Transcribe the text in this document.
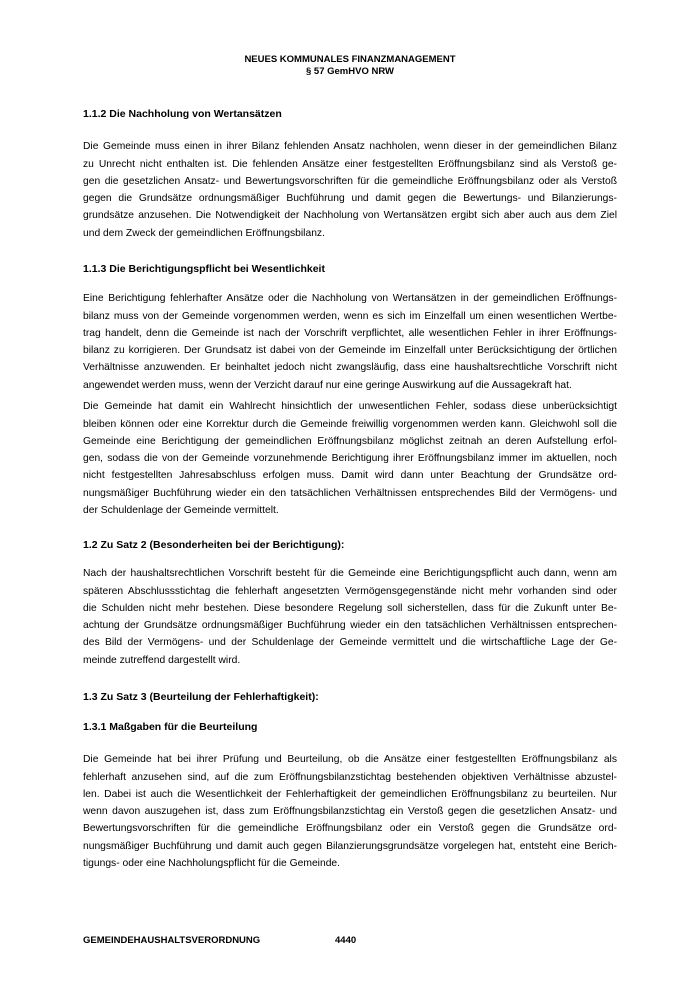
NEUES KOMMUNALES FINANZMANAGEMENT
§ 57 GemHVO NRW
1.1.2 Die Nachholung von Wertansätzen

Die Gemeinde muss einen in ihrer Bilanz fehlenden Ansatz nachholen, wenn dieser in der gemeindlichen Bilanz
zu Unrecht nicht enthalten ist. Die fehlenden Ansätze einer festgestellten Eröffnungsbilanz sind als Verstoß ge-
gen die gesetzlichen Ansatz- und Bewertungsvorschriften für die gemeindliche Eröffnungsbilanz oder als Verstoß
gegen die Grundsätze ordnungsmäßiger Buchführung und damit gegen die Bewertungs- und Bilanzierungs-
grundsätze anzusehen. Die Notwendigkeit der Nachholung von Wertansätzen ergibt sich aber auch aus dem Ziel
und dem Zweck der gemeindlichen Eröffnungsbilanz.

1.1.3 Die Berichtigungspflicht bei Wesentlichkeit

Eine Berichtigung fehlerhafter Ansätze oder die Nachholung von Wertansätzen in der gemeindlichen Eröffnungs-
bilanz muss von der Gemeinde vorgenommen werden, wenn es sich im Einzelfall um einen wesentlichen Wertbe-
trag handelt, denn die Gemeinde ist nach der Vorschrift verpflichtet, alle wesentlichen Fehler in ihrer Eröffnungs-
bilanz zu korrigieren. Der Grundsatz ist dabei von der Gemeinde im Einzelfall unter Berücksichtigung der örtlichen
Verhältnisse anzuwenden. Er beinhaltet jedoch nicht zwangsläufig, dass eine haushaltsrechtliche Vorschrift nicht
angewendet werden muss, wenn der Verzicht darauf nur eine geringe Auswirkung auf die Aussagekraft hat.

Die Gemeinde hat damit ein Wahlrecht hinsichtlich der unwesentlichen Fehler, sodass diese unberücksichtigt
bleiben können oder eine Korrektur durch die Gemeinde freiwillig vorgenommen werden kann. Gleichwohl soll die
Gemeinde eine Berichtigung der gemeindlichen Eröffnungsbilanz möglichst zeitnah an deren Aufstellung erfol-
gen, sodass die von der Gemeinde vorzunehmende Berichtigung ihrer Eröffnungsbilanz immer im aktuellen, noch
nicht festgestellten Jahresabschluss erfolgen muss. Damit wird dann unter Beachtung der Grundsätze ord-
nungsmäßiger Buchführung wieder ein den tatsächlichen Verhältnissen entsprechendes Bild der Vermögens- und
der Schuldenlage der Gemeinde vermittelt.

1.2 Zu Satz 2 (Besonderheiten bei der Berichtigung):

Nach der haushaltsrechtlichen Vorschrift besteht für die Gemeinde eine Berichtigungspflicht auch dann, wenn am
späteren Abschlussstichtag die fehlerhaft angesetzten Vermögensgegenstände nicht mehr vorhanden sind oder
die Schulden nicht mehr bestehen. Diese besondere Regelung soll sicherstellen, dass für die Zukunft unter Be-
achtung der Grundsätze ordnungsmäßiger Buchführung wieder ein den tatsächlichen Verhältnissen entsprechen-
des Bild der Vermögens- und der Schuldenlage der Gemeinde vermittelt und die wirtschaftliche Lage der Ge-
meinde zutreffend dargestellt wird.

1.3 Zu Satz 3 (Beurteilung der Fehlerhaftigkeit):
1.3.1 Maßgaben für die Beurteilung

Die Gemeinde hat bei ihrer Prüfung und Beurteilung, ob die Ansätze einer festgestellten Eröffnungsbilanz als
fehlerhaft anzusehen sind, auf die zum Eröffnungsbilanzstichtag bestehenden objektiven Verhältnisse abzustel-
len. Dabei ist auch die Wesentlichkeit der Fehlerhaftigkeit der gemeindlichen Eröffnungsbilanz zu beurteilen. Nur
wenn davon auszugehen ist, dass zum Eröffnungsbilanzstichtag ein Verstoß gegen die gesetzlichen Ansatz- und
Bewertungsvorschriften für die gemeindliche Eröffnungsbilanz oder ein Verstoß gegen die Grundsätze ord-
nungsmäßiger Buchführung und damit auch gegen Bilanzierungsgrundsätze vorgelegen hat, entsteht eine Berich-
tigungs- oder eine Nachholungspflicht für die Gemeinde.

GEMEINDEHAUSHALTSVERORDNUNG	4440
